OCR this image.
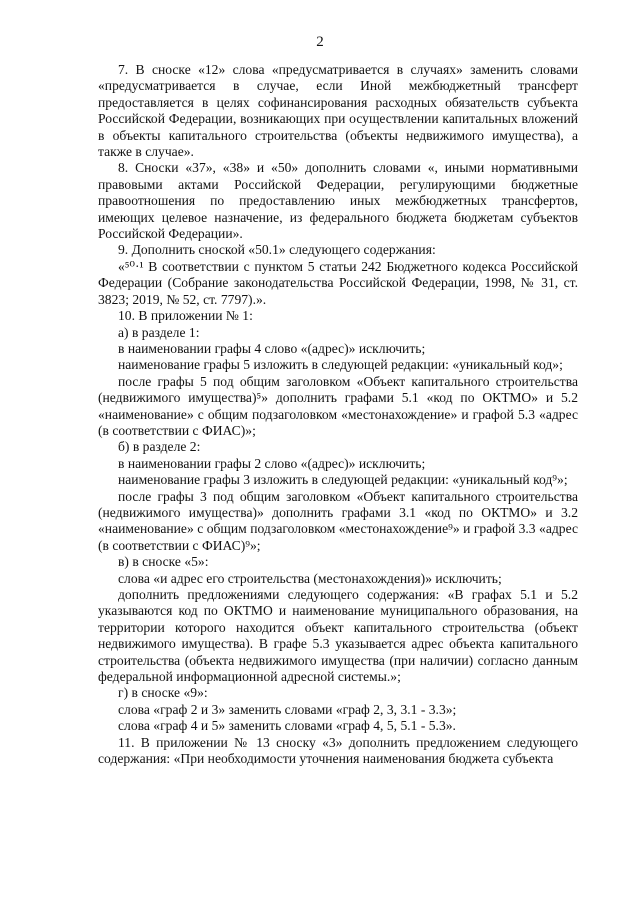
2

7. В сноске «12» слова «предусматривается в случаях» заменить словами «предусматривается в случае, если Иной межбюджетный трансферт предоставляется в целях софинансирования расходных обязательств субъекта Российской Федерации, возникающих при осуществлении капитальных вложений в объекты капитального строительства (объекты недвижимого имущества), а также в случае».

8. Сноски «37», «38» и «50» дополнить словами «, иными нормативными правовыми актами Российской Федерации, регулирующими бюджетные правоотношения по предоставлению иных межбюджетных трансфертов, имеющих целевое назначение, из федерального бюджета бюджетам субъектов Российской Федерации».

9. Дополнить сноской «50.1» следующего содержания:

«⁵⁰·¹ В соответствии с пунктом 5 статьи 242 Бюджетного кодекса Российской Федерации (Собрание законодательства Российской Федерации, 1998, № 31, ст. 3823; 2019, № 52, ст. 7797).».

10. В приложении № 1:

а) в разделе 1:

в наименовании графы 4 слово «(адрес)» исключить;

наименование графы 5 изложить в следующей редакции: «уникальный код»;

после графы 5 под общим заголовком «Объект капитального строительства (недвижимого имущества)⁵» дополнить графами 5.1 «код по ОКТМО» и 5.2 «наименование» с общим подзаголовком «местонахождение» и графой 5.3 «адрес (в соответствии с ФИАС)»;

б) в разделе 2:

в наименовании графы 2 слово «(адрес)» исключить;

наименование графы 3 изложить в следующей редакции: «уникальный код⁹»;

после графы 3 под общим заголовком «Объект капитального строительства (недвижимого имущества)» дополнить графами 3.1 «код по ОКТМО» и 3.2 «наименование» с общим подзаголовком «местонахождение⁹» и графой 3.3 «адрес (в соответствии с ФИАС)⁹»;

в) в сноске «5»:

слова «и адрес его строительства (местонахождения)» исключить;

дополнить предложениями следующего содержания: «В графах 5.1 и 5.2 указываются код по ОКТМО и наименование муниципального образования, на территории которого находится объект капитального строительства (объект недвижимого имущества). В графе 5.3 указывается адрес объекта капитального строительства (объекта недвижимого имущества (при наличии) согласно данным федеральной информационной адресной системы.»;

г) в сноске «9»:

слова «граф 2 и 3» заменить словами «граф 2, 3, 3.1 - 3.3»;

слова «граф 4 и 5» заменить словами «граф 4, 5, 5.1 - 5.3».

11. В приложении № 13 сноску «3» дополнить предложением следующего содержания: «При необходимости уточнения наименования бюджета субъекта
